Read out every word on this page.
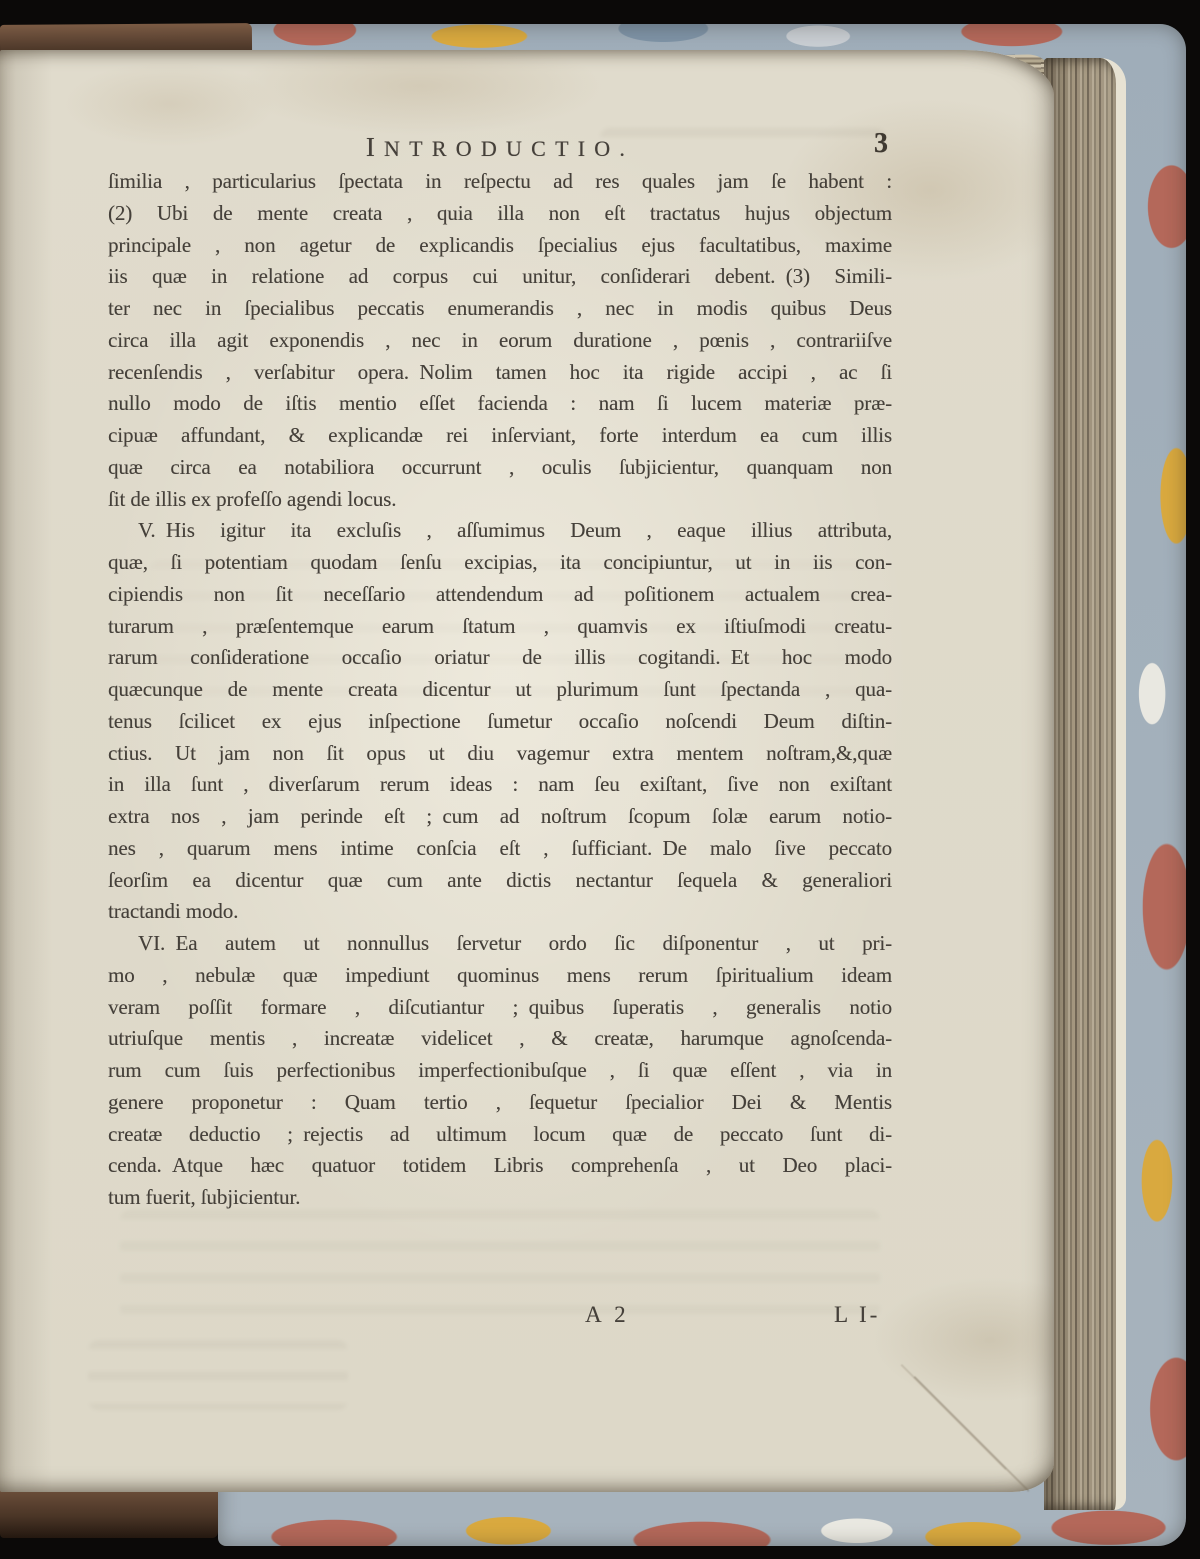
INTRODUCTIO.	3
ſimilia , particularius ſpectata in reſpectu ad res quales jam ſe habent :
(2) Ubi de mente creata , quia illa non eſt tractatus hujus objectum
principale , non agetur de explicandis ſpecialius ejus facultatibus, maxime
iis quæ in relatione ad corpus cui unitur, conſiderari debent. (3) Simili-
ter nec in ſpecialibus peccatis enumerandis , nec in modis quibus Deus
circa illa agit exponendis , nec in eorum duratione , pœnis , contrariiſve
recenſendis , verſabitur opera. Nolim tamen hoc ita rigide accipi , ac ſi
nullo modo de iſtis mentio eſſet facienda : nam ſi lucem materiæ præ-
cipuæ affundant, & explicandæ rei inſerviant, forte interdum ea cum illis
quæ circa ea notabiliora occurrunt , oculis ſubjicientur, quanquam non
ſit de illis ex profeſſo agendi locus.
V. His igitur ita excluſis , aſſumimus Deum , eaque illius attributa,
quæ, ſi potentiam quodam ſenſu excipias, ita concipiuntur, ut in iis con-
cipiendis non ſit neceſſario attendendum ad poſitionem actualem crea-
turarum , præſentemque earum ſtatum , quamvis ex iſtiuſmodi creatu-
rarum conſideratione occaſio oriatur de illis cogitandi. Et hoc modo
quæcunque de mente creata dicentur ut plurimum ſunt ſpectanda , qua-
tenus ſcilicet ex ejus inſpectione ſumetur occaſio noſcendi Deum diſtin-
ctius. Ut jam non ſit opus ut diu vagemur extra mentem noſtram,&,quæ
in illa ſunt , diverſarum rerum ideas : nam ſeu exiſtant, ſive non exiſtant
extra nos , jam perinde eſt ; cum ad noſtrum ſcopum ſolæ earum notio-
nes , quarum mens intime conſcia eſt , ſufficiant. De malo ſive peccato
ſeorſim ea dicentur quæ cum ante dictis nectantur ſequela & generaliori
tractandi modo.
VI. Ea autem ut nonnullus ſervetur ordo ſic diſponentur , ut pri-
mo , nebulæ quæ impediunt quominus mens rerum ſpiritualium ideam
veram poſſit formare , diſcutiantur ; quibus ſuperatis , generalis notio
utriuſque mentis , increatæ videlicet , & creatæ, harumque agnoſcenda-
rum cum ſuis perfectionibus imperfectionibuſque , ſi quæ eſſent , via in
genere proponetur : Quam tertio , ſequetur ſpecialior Dei & Mentis
creatæ deductio ; rejectis ad ultimum locum quæ de peccato ſunt di-
cenda. Atque hæc quatuor totidem Libris comprehenſa , ut Deo placi-
tum fuerit, ſubjicientur.
A 2	L I-
